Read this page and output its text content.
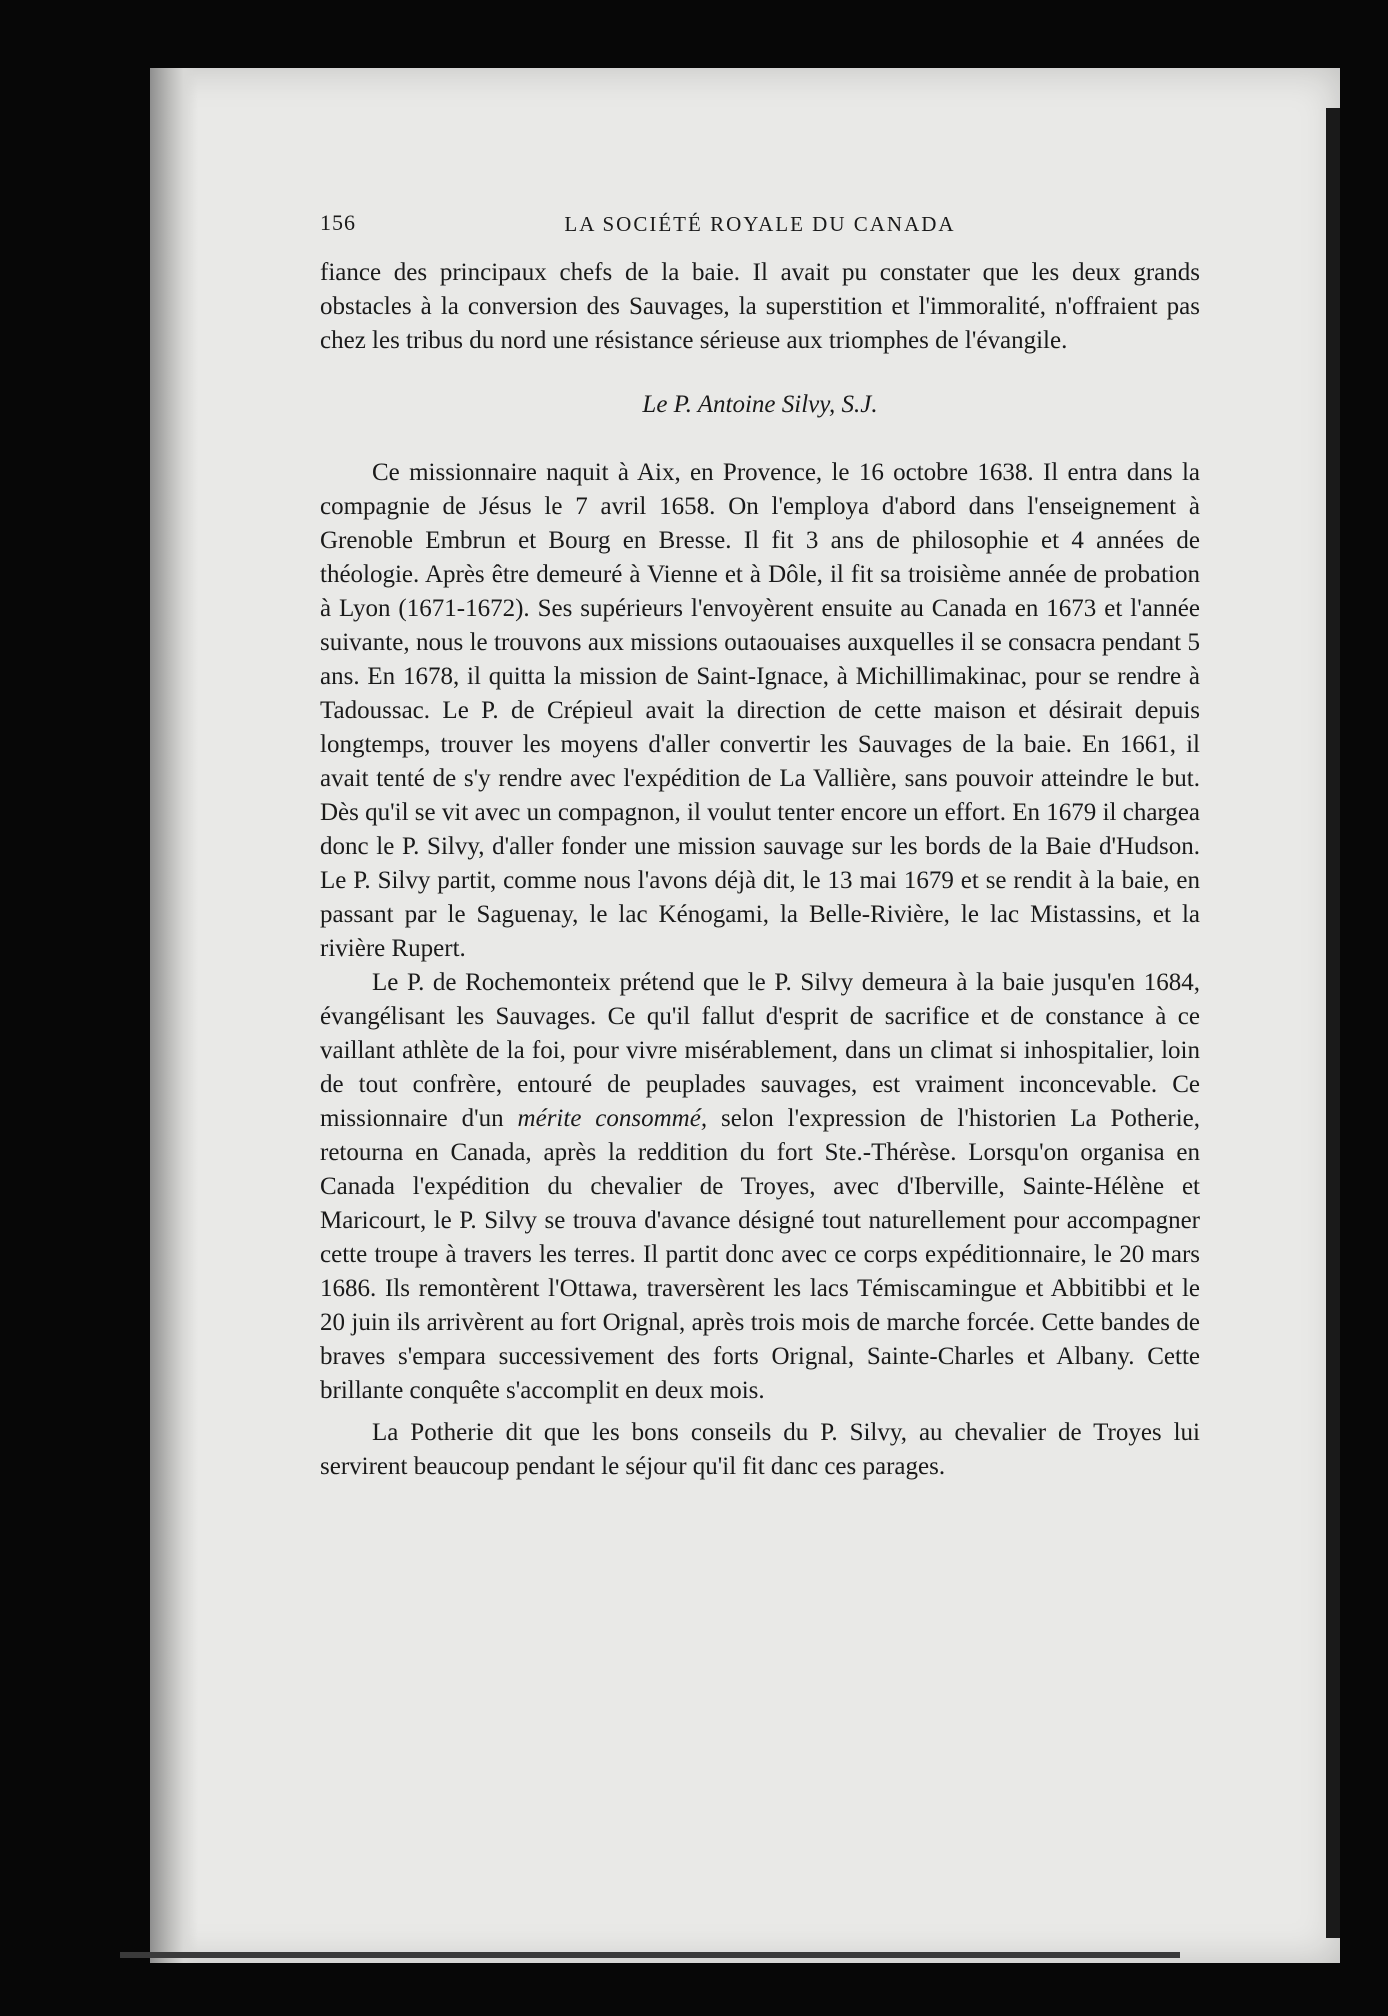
156	LA SOCIÉTÉ ROYALE DU CANADA

fiance des principaux chefs de la baie. Il avait pu constater que les deux grands obstacles à la conversion des Sauvages, la superstition et l'immoralité, n'offraient pas chez les tribus du nord une résistance sérieuse aux triomphes de l'évangile.

Le P. Antoine Silvy, S.J.

Ce missionnaire naquit à Aix, en Provence, le 16 octobre 1638. Il entra dans la compagnie de Jésus le 7 avril 1658. On l'employa d'abord dans l'enseignement à Grenoble Embrun et Bourg en Bresse. Il fit 3 ans de philosophie et 4 années de théologie. Après être demeuré à Vienne et à Dôle, il fit sa troisième année de probation à Lyon (1671-1672). Ses supérieurs l'envoyèrent ensuite au Canada en 1673 et l'année suivante, nous le trouvons aux missions outaouaises auxquelles il se consacra pendant 5 ans. En 1678, il quitta la mission de Saint-Ignace, à Michillimakinac, pour se rendre à Tadoussac. Le P. de Crépieul avait la direction de cette maison et désirait depuis longtemps, trouver les moyens d'aller convertir les Sauvages de la baie. En 1661, il avait tenté de s'y rendre avec l'expédition de La Vallière, sans pouvoir atteindre le but. Dès qu'il se vit avec un compagnon, il voulut tenter encore un effort. En 1679 il chargea donc le P. Silvy, d'aller fonder une mission sauvage sur les bords de la Baie d'Hudson. Le P. Silvy partit, comme nous l'avons déjà dit, le 13 mai 1679 et se rendit à la baie, en passant par le Saguenay, le lac Kénogami, la Belle-Rivière, le lac Mistassins, et la rivière Rupert.

Le P. de Rochemonteix prétend que le P. Silvy demeura à la baie jusqu'en 1684, évangélisant les Sauvages. Ce qu'il fallut d'esprit de sacrifice et de constance à ce vaillant athlète de la foi, pour vivre misérablement, dans un climat si inhospitalier, loin de tout confrère, entouré de peuplades sauvages, est vraiment inconcevable. Ce missionnaire d'un mérite consommé, selon l'expression de l'historien La Potherie, retourna en Canada, après la reddition du fort Ste.-Thérèse. Lorsqu'on organisa en Canada l'expédition du chevalier de Troyes, avec d'Iberville, Sainte-Hélène et Maricourt, le P. Silvy se trouva d'avance désigné tout naturellement pour accompagner cette troupe à travers les terres. Il partit donc avec ce corps expéditionnaire, le 20 mars 1686. Ils remontèrent l'Ottawa, traversèrent les lacs Témiscamingue et Abbitibbi et le 20 juin ils arrivèrent au fort Orignal, après trois mois de marche forcée. Cette bandes de braves s'empara successivement des forts Orignal, Sainte-Charles et Albany. Cette brillante conquête s'accomplit en deux mois.

La Potherie dit que les bons conseils du P. Silvy, au chevalier de Troyes lui servirent beaucoup pendant le séjour qu'il fit danc ces parages.
